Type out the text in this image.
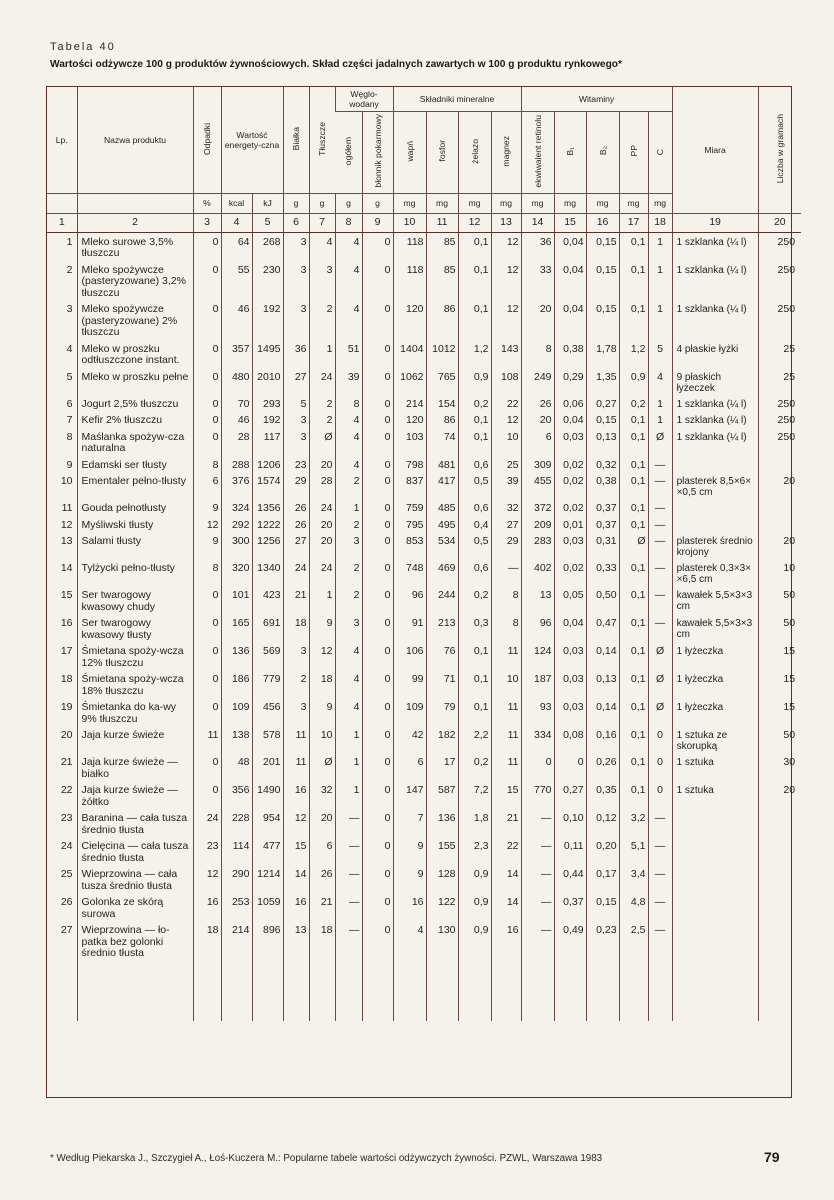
Tabela 40
Wartości odżywcze 100 g produktów żywnościowych. Skład części jadalnych zawartych w 100 g produktu rynkowego*
Lp.	Nazwa produktu	Odpadki	Wartość energety-czna		Białka	Tłuszcze	Węglo-wodany		Składniki mineralne				Witaminy					Miara	Liczba w gramach
							ogółem	błonnik pokarmowy	wapń	fosfor	żelazo	magnez	ekwiwalent retinolu	B₁	B₂	PP	C		
		%	kcal	kJ	g	g	g	g	mg	mg	mg	mg	mg	mg	mg	mg	mg		
1	2	3	4	5	6	7	8	9	10	11	12	13	14	15	16	17	18	19	20
1	Mleko surowe 3,5% tłuszczu	0	64	268	3	4	4	0	118	85	0,1	12	36	0,04	0,15	0,1	1	1 szklanka (¼ l)	250
2	Mleko spożywcze (pasteryzowane) 3,2% tłuszczu	0	55	230	3	3	4	0	118	85	0,1	12	33	0,04	0,15	0,1	1	1 szklanka (¼ l)	250
3	Mleko spożywcze (pasteryzowane) 2% tłuszczu	0	46	192	3	2	4	0	120	86	0,1	12	20	0,04	0,15	0,1	1	1 szklanka (¼ l)	250
4	Mleko w proszku odtłuszczone instant.	0	357	1495	36	1	51	0	1404	1012	1,2	143	8	0,38	1,78	1,2	5	4 płaskie łyżki	25
5	Mleko w proszku pełne	0	480	2010	27	24	39	0	1062	765	0,9	108	249	0,29	1,35	0,9	4	9 płaskich łyżeczek	25
6	Jogurt 2,5% tłuszczu	0	70	293	5	2	8	0	214	154	0,2	22	26	0,06	0,27	0,2	1	1 szklanka (¼ l)	250
7	Kefir 2% tłuszczu	0	46	192	3	2	4	0	120	86	0,1	12	20	0,04	0,15	0,1	1	1 szklanka (¼ l)	250
8	Maślanka spożyw-cza naturalna	0	28	117	3	Ø	4	0	103	74	0,1	10	6	0,03	0,13	0,1	Ø	1 szklanka (¼ l)	250
9	Edamski ser tłusty	8	288	1206	23	20	4	0	798	481	0,6	25	309	0,02	0,32	0,1	—		
10	Ementaler pełno-tłusty	6	376	1574	29	28	2	0	837	417	0,5	39	455	0,02	0,38	0,1	—	plasterek 8,5×6× ×0,5 cm	20
11	Gouda pełnotłusty	9	324	1356	26	24	1	0	759	485	0,6	32	372	0,02	0,37	0,1	—		
12	Myśliwski tłusty	12	292	1222	26	20	2	0	795	495	0,4	27	209	0,01	0,37	0,1	—		
13	Salami tłusty	9	300	1256	27	20	3	0	853	534	0,5	29	283	0,03	0,31	Ø	—	plasterek średnio krojony	20
14	Tylżycki pełno-tłusty	8	320	1340	24	24	2	0	748	469	0,6	—	402	0,02	0,33	0,1	—	plasterek 0,3×3× ×6,5 cm	10
15	Ser twarogowy kwasowy chudy	0	101	423	21	1	2	0	96	244	0,2	8	13	0,05	0,50	0,1	—	kawałek 5,5×3×3 cm	50
16	Ser twarogowy kwasowy tłusty	0	165	691	18	9	3	0	91	213	0,3	8	96	0,04	0,47	0,1	—	kawałek 5,5×3×3 cm	50
17	Śmietana spoży-wcza 12% tłuszczu	0	136	569	3	12	4	0	106	76	0,1	11	124	0,03	0,14	0,1	Ø	1 łyżeczka	15
18	Śmietana spoży-wcza 18% tłuszczu	0	186	779	2	18	4	0	99	71	0,1	10	187	0,03	0,13	0,1	Ø	1 łyżeczka	15
19	Śmietanka do ka-wy 9% tłuszczu	0	109	456	3	9	4	0	109	79	0,1	11	93	0,03	0,14	0,1	Ø	1 łyżeczka	15
20	Jaja kurze świeże	11	138	578	11	10	1	0	42	182	2,2	11	334	0,08	0,16	0,1	0	1 sztuka ze skorupką	50
21	Jaja kurze świeże — białko	0	48	201	11	Ø	1	0	6	17	0,2	11	0	0	0,26	0,1	0	1 sztuka	30
22	Jaja kurze świeże — żółtko	0	356	1490	16	32	1	0	147	587	7,2	15	770	0,27	0,35	0,1	0	1 sztuka	20
23	Baranina — cała tusza średnio tłusta	24	228	954	12	20	—	0	7	136	1,8	21	—	0,10	0,12	3,2	—		
24	Cielęcina — cała tusza średnio tłusta	23	114	477	15	6	—	0	9	155	2,3	22	—	0,11	0,20	5,1	—		
25	Wieprzowina — cała tusza średnio tłusta	12	290	1214	14	26	—	0	9	128	0,9	14	—	0,44	0,17	3,4	—		
26	Golonka ze skórą surowa	16	253	1059	16	21	—	0	16	122	0,9	14	—	0,37	0,15	4,8	—		
27	Wieprzowina — ło-patka bez golonki średnio tłusta	18	214	896	13	18	—	0	4	130	0,9	16	—	0,49	0,23	2,5	—		

* Według Piekarska J., Szczygieł A., Łoś-Kuczera M.: Popularne tabele wartości odżywczych żywności. PZWL, Warszawa 1983	79
